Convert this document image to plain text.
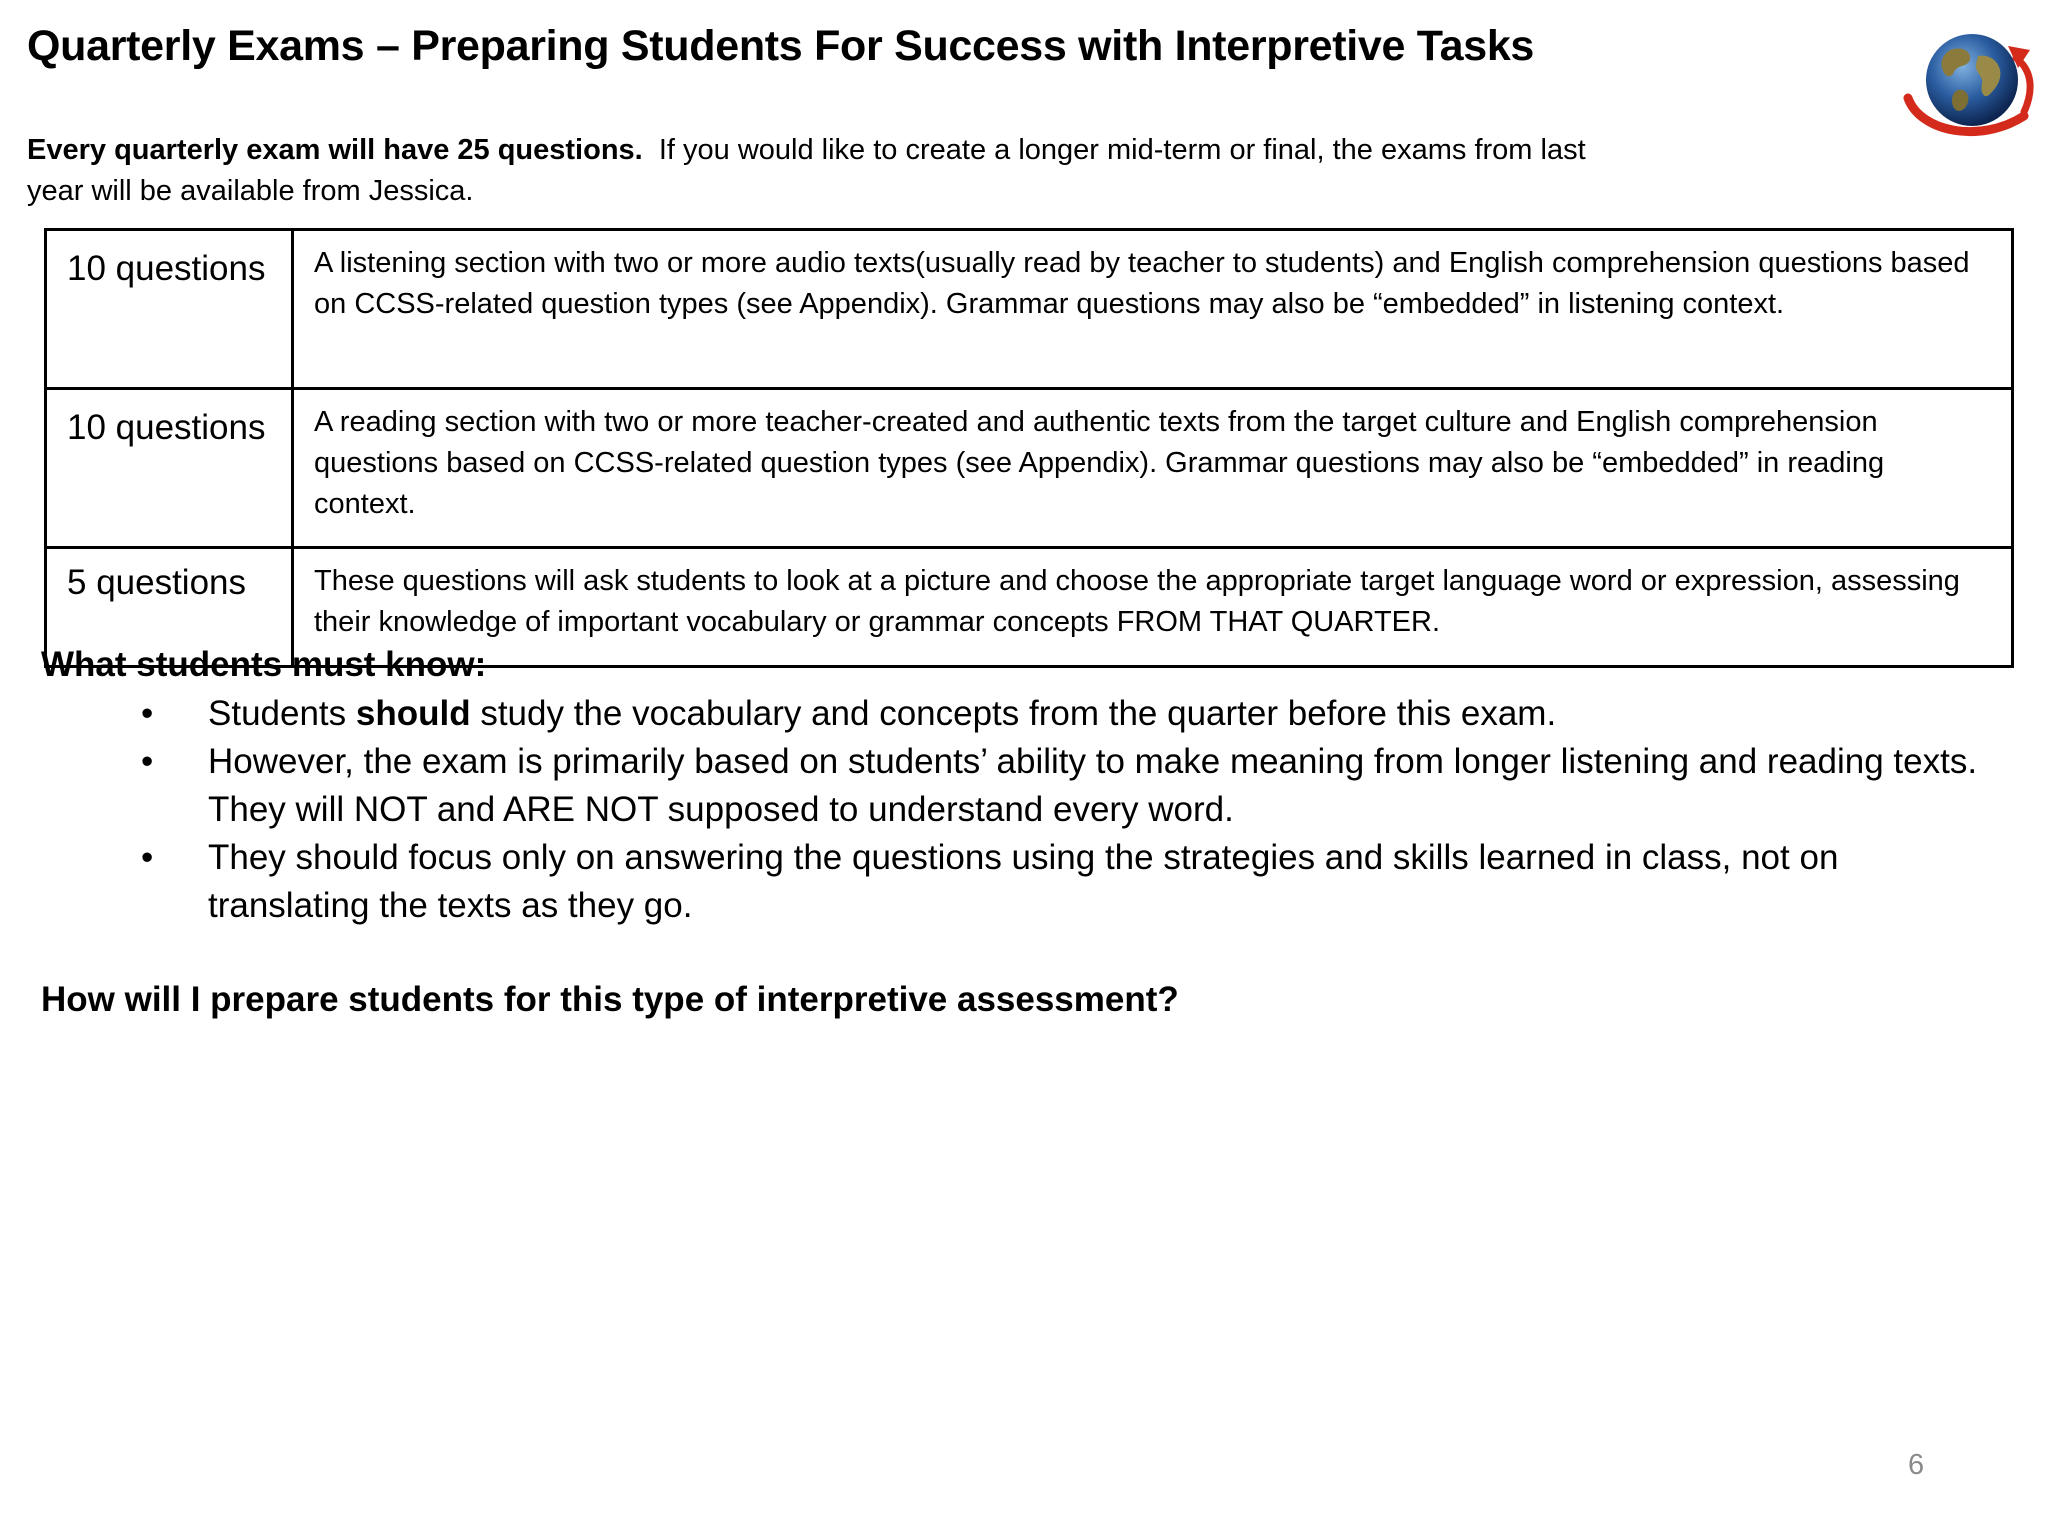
Quarterly Exams – Preparing Students For Success with Interpretive Tasks
Every quarterly exam will have 25 questions. If you would like to create a longer mid-term or final, the exams from last year will be available from Jessica.
10 questions	A listening section with two or more audio texts(usually read by teacher to students) and English comprehension questions based on CCSS-related question types (see Appendix). Grammar questions may also be “embedded” in listening context.
10 questions	A reading section with two or more teacher-created and authentic texts from the target culture and English comprehension questions based on CCSS-related question types (see Appendix). Grammar questions may also be “embedded” in reading context.
5 questions	These questions will ask students to look at a picture and choose the appropriate target language word or expression, assessing their knowledge of important vocabulary or grammar concepts FROM THAT QUARTER.
What students must know:
• Students should study the vocabulary and concepts from the quarter before this exam.
• However, the exam is primarily based on students’ ability to make meaning from longer listening and reading texts. They will NOT and ARE NOT supposed to understand every word.
• They should focus only on answering the questions using the strategies and skills learned in class, not on translating the texts as they go.
How will I prepare students for this type of interpretive assessment?
6
